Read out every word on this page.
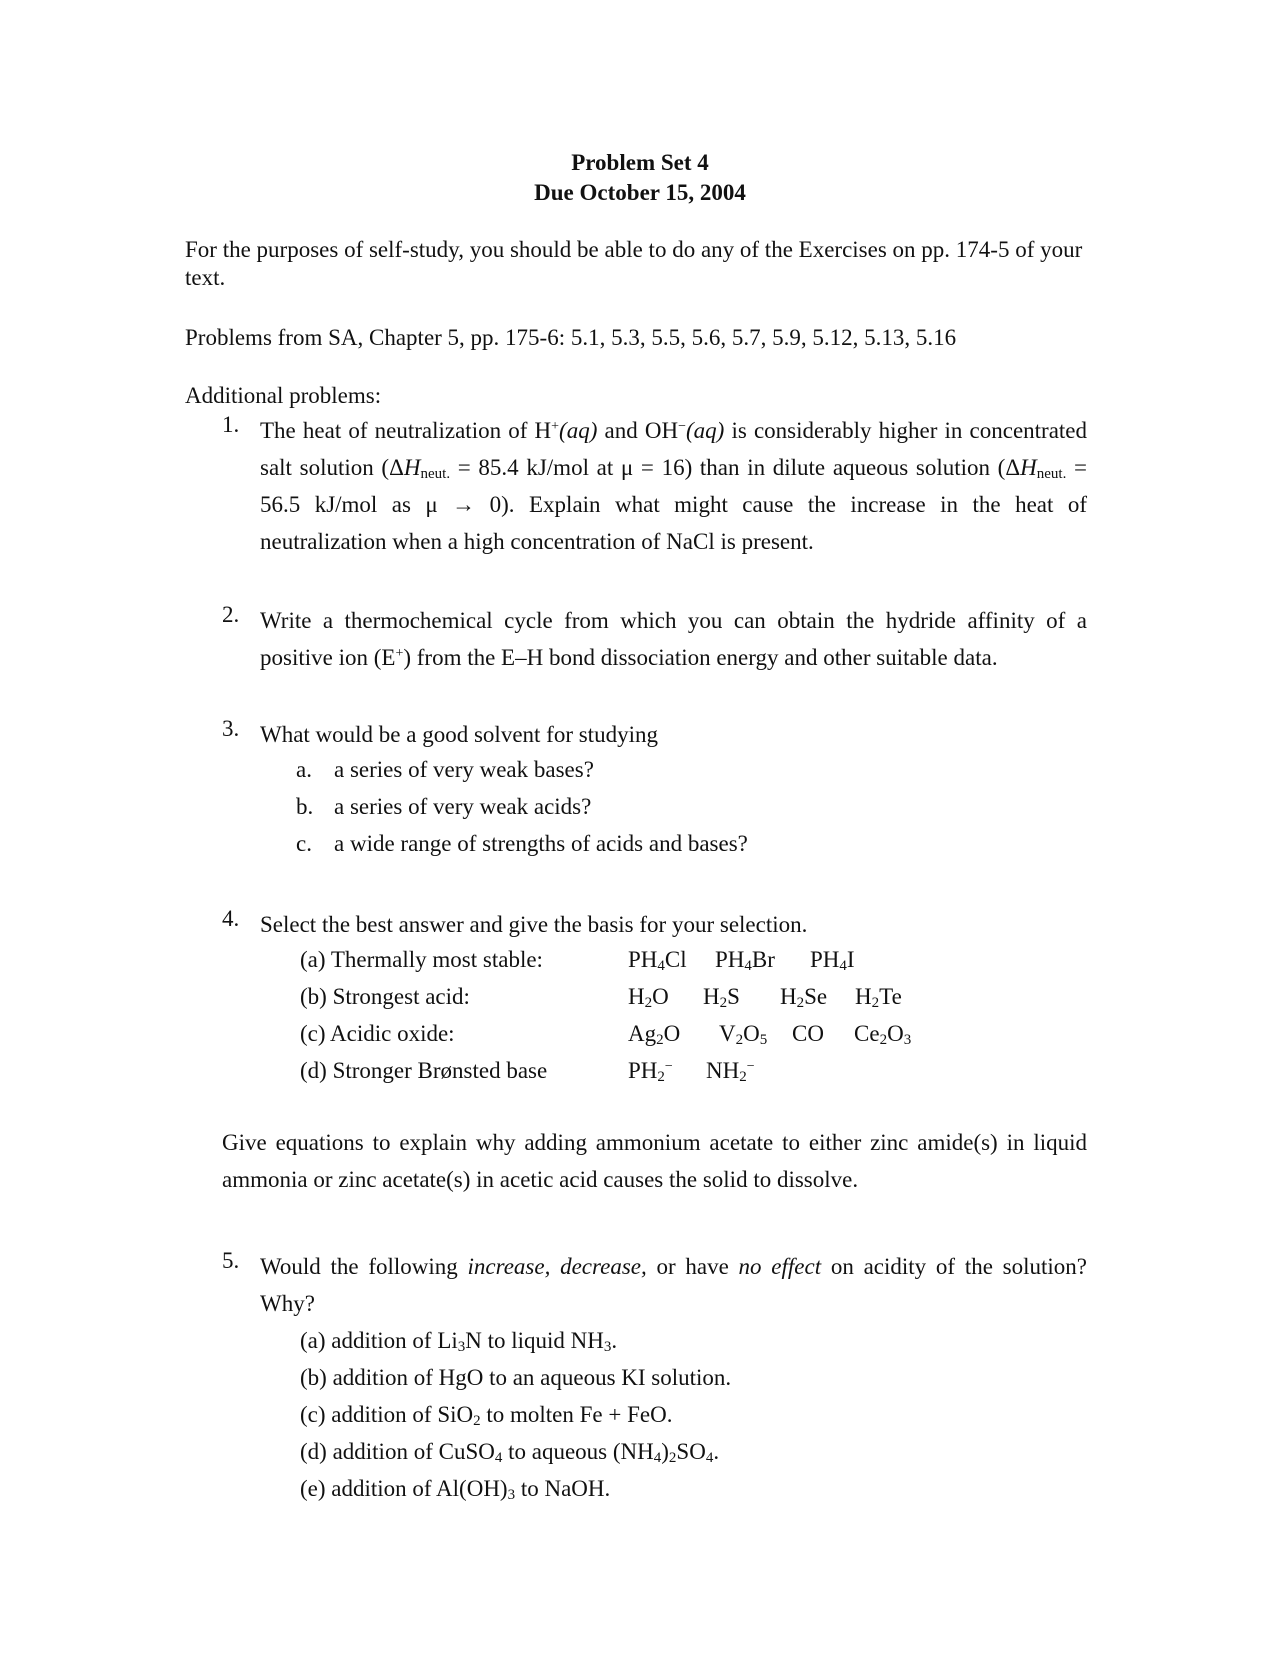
Problem Set 4
Due October 15, 2004
For the purposes of self-study, you should be able to do any of the Exercises on pp. 174-5 of your text.
Problems from SA, Chapter 5, pp. 175-6: 5.1, 5.3, 5.5, 5.6, 5.7, 5.9, 5.12, 5.13, 5.16
Additional problems:
1. The heat of neutralization of H+(aq) and OH−(aq) is considerably higher in concentrated salt solution ($\Delta H_{neut.} = 85.4$ kJ/mol at μ = 16) than in dilute aqueous solution ($\Delta H_{neut.} = 56.5$ kJ/mol as μ → 0). Explain what might cause the increase in the heat of neutralization when a high concentration of NaCl is present.
2. Write a thermochemical cycle from which you can obtain the hydride affinity of a positive ion (E+) from the E–H bond dissociation energy and other suitable data.
3. What would be a good solvent for studying
a. a series of very weak bases?
b. a series of very weak acids?
c. a wide range of strengths of acids and bases?
4. Select the best answer and give the basis for your selection.
(a) Thermally most stable:	$PH_4Cl$ $PH_4Br$ $PH_4I$
(b) Strongest acid:	$H_2O$ $H_2S$ $H_2Se$ $H_2Te$
(c) Acidic oxide:	$Ag_2O$ $V_2O_5$ CO $Ce_2O_3$
(d) Stronger Brønsted base	$PH_2^-$ $NH_2^-$
Give equations to explain why adding ammonium acetate to either zinc amide(s) in liquid ammonia or zinc acetate(s) in acetic acid causes the solid to dissolve.
5. Would the following increase, decrease, or have no effect on acidity of the solution? Why?
(a) addition of $Li_3N$ to liquid $NH_3$.
(b) addition of HgO to an aqueous KI solution.
(c) addition of SiO$_2$ to molten Fe + FeO.
(d) addition of CuSO$_4$ to aqueous $(NH_4)_2SO_4$.
(e) addition of $Al(OH)_3$ to NaOH.
